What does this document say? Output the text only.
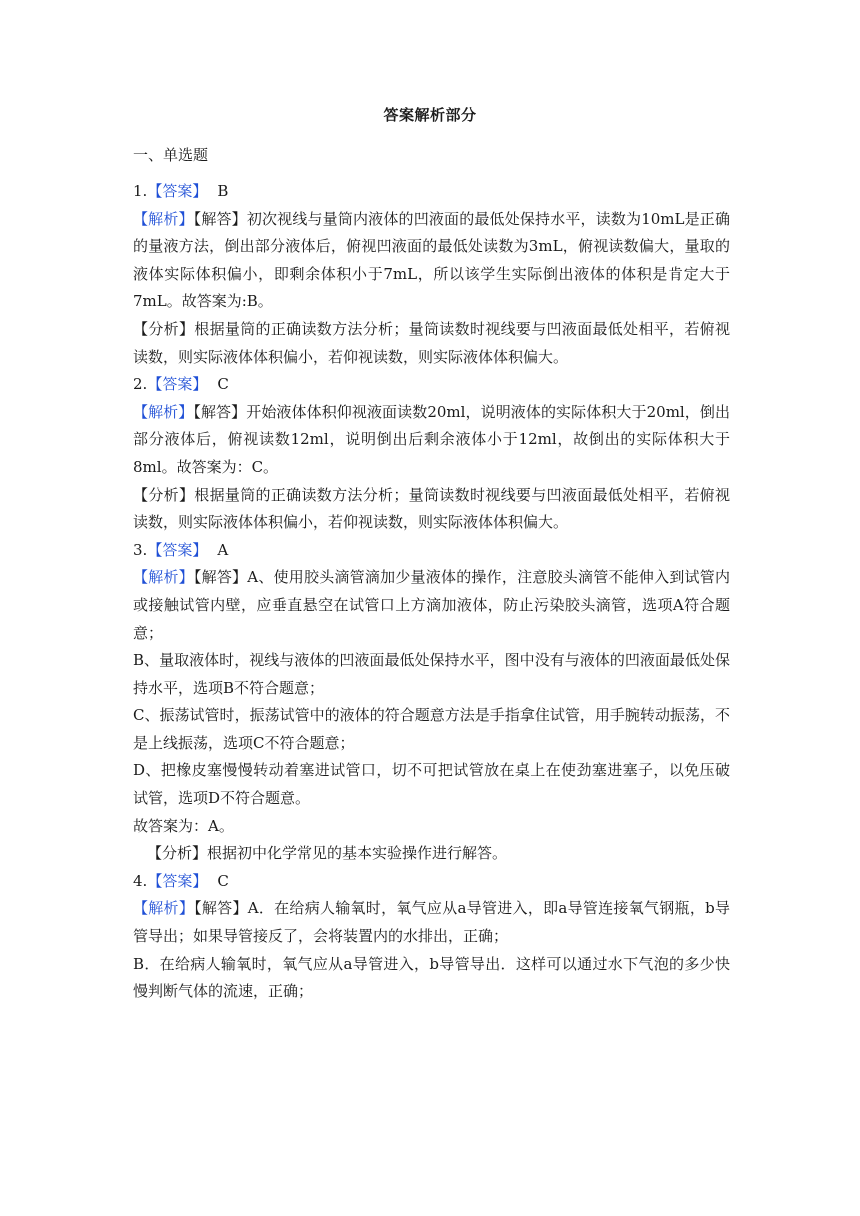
答案解析部分
一、单选题

1.【答案】 B

【解析】【解答】初次视线与量筒内液体的凹液面的最低处保持水平，读数为10mL是正确的量液方法，倒出部分液体后，俯视凹液面的最低处读数为3mL，俯视读数偏大，量取的液体实际体积偏小，即剩余体积小于7mL，所以该学生实际倒出液体的体积是肯定大于7mL。故答案为:B。

【分析】根据量筒的正确读数方法分析；量筒读数时视线要与凹液面最低处相平，若俯视读数，则实际液体体积偏小，若仰视读数，则实际液体体积偏大。

2.【答案】 C

【解析】【解答】开始液体体积仰视液面读数20ml，说明液体的实际体积大于20ml，倒出部分液体后，俯视读数12ml，说明倒出后剩余液体小于12ml，故倒出的实际体积大于8ml。故答案为：C。

【分析】根据量筒的正确读数方法分析；量筒读数时视线要与凹液面最低处相平，若俯视读数，则实际液体体积偏小，若仰视读数，则实际液体体积偏大。

3.【答案】 A

【解析】【解答】A、使用胶头滴管滴加少量液体的操作，注意胶头滴管不能伸入到试管内或接触试管内壁，应垂直悬空在试管口上方滴加液体，防止污染胶头滴管，选项A符合题意；

B、量取液体时，视线与液体的凹液面最低处保持水平，图中没有与液体的凹液面最低处保持水平，选项B不符合题意；

C、振荡试管时，振荡试管中的液体的符合题意方法是手指拿住试管，用手腕转动振荡，不是上线振荡，选项C不符合题意；

D、把橡皮塞慢慢转动着塞进试管口，切不可把试管放在桌上在使劲塞进塞子，以免压破试管，选项D不符合题意。

故答案为：A。

【分析】根据初中化学常见的基本实验操作进行解答。

4.【答案】 C

【解析】【解答】A．在给病人输氧时，氧气应从a导管进入，即a导管连接氧气钢瓶，b导管导出；如果导管接反了，会将装置内的水排出，正确；

B．在给病人输氧时，氧气应从a导管进入，b导管导出．这样可以通过水下气泡的多少快慢判断气体的流速，正确；
